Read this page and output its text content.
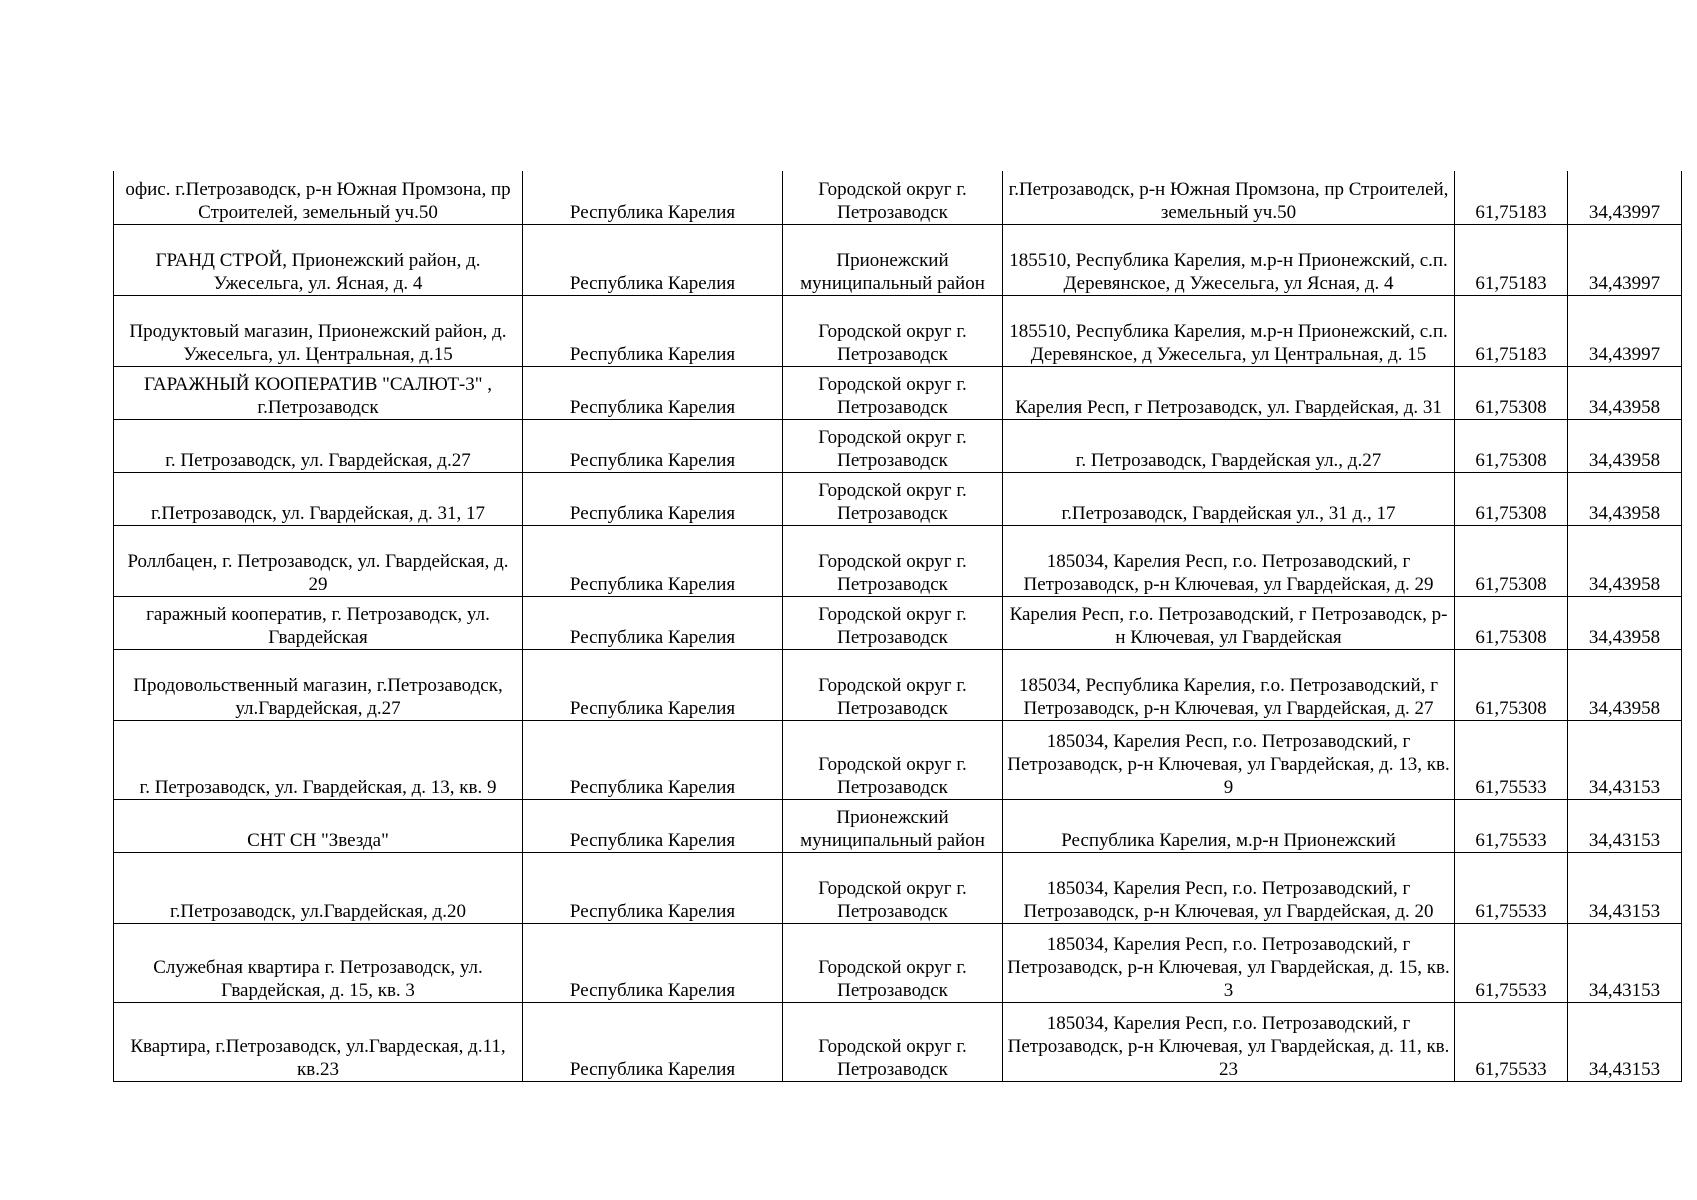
офис. г.Петрозаводск, р-н Южная Промзона, пр Строителей, земельный уч.50	Республика Карелия	Городской округ г. Петрозаводск	г.Петрозаводск, р-н Южная Промзона, пр Строителей, земельный уч.50	61,75183	34,43997
ГРАНД СТРОЙ, Прионежский район, д. Ужесельга, ул. Ясная, д. 4	Республика Карелия	Прионежский муниципальный район	185510, Республика Карелия, м.р-н Прионежский, с.п. Деревянское, д Ужесельга, ул Ясная, д. 4	61,75183	34,43997
Продуктовый магазин, Прионежский район, д. Ужесельга, ул. Центральная, д.15	Республика Карелия	Городской округ г. Петрозаводск	185510, Республика Карелия, м.р-н Прионежский, с.п. Деревянское, д Ужесельга, ул Центральная, д. 15	61,75183	34,43997
ГАРАЖНЫЙ КООПЕРАТИВ "САЛЮТ-3" , г.Петрозаводск	Республика Карелия	Городской округ г. Петрозаводск	Карелия Респ, г Петрозаводск, ул. Гвардейская, д. 31	61,75308	34,43958
г. Петрозаводск, ул. Гвардейская, д.27	Республика Карелия	Городской округ г. Петрозаводск	г. Петрозаводск, Гвардейская ул., д.27	61,75308	34,43958
г.Петрозаводск, ул. Гвардейская, д. 31, 17	Республика Карелия	Городской округ г. Петрозаводск	г.Петрозаводск, Гвардейская ул., 31 д., 17	61,75308	34,43958
Роллбацен, г. Петрозаводск, ул. Гвардейская, д. 29	Республика Карелия	Городской округ г. Петрозаводск	185034, Карелия Респ, г.о. Петрозаводский, г Петрозаводск, р-н Ключевая, ул Гвардейская, д. 29	61,75308	34,43958
гаражный кооператив, г. Петрозаводск, ул. Гвардейская	Республика Карелия	Городской округ г. Петрозаводск	Карелия Респ, г.о. Петрозаводский, г Петрозаводск, р-н Ключевая, ул Гвардейская	61,75308	34,43958
Продовольственный магазин, г.Петрозаводск, ул.Гвардейская, д.27	Республика Карелия	Городской округ г. Петрозаводск	185034, Республика Карелия, г.о. Петрозаводский, г Петрозаводск, р-н Ключевая, ул Гвардейская, д. 27	61,75308	34,43958
г. Петрозаводск, ул. Гвардейская, д. 13, кв. 9	Республика Карелия	Городской округ г. Петрозаводск	185034, Карелия Респ, г.о. Петрозаводский, г Петрозаводск, р-н Ключевая, ул Гвардейская, д. 13, кв. 9	61,75533	34,43153
СНТ СН "Звезда"	Республика Карелия	Прионежский муниципальный район	Республика Карелия, м.р-н Прионежский	61,75533	34,43153
г.Петрозаводск, ул.Гвардейская, д.20	Республика Карелия	Городской округ г. Петрозаводск	185034, Карелия Респ, г.о. Петрозаводский, г Петрозаводск, р-н Ключевая, ул Гвардейская, д. 20	61,75533	34,43153
Служебная квартира г. Петрозаводск, ул. Гвардейская, д. 15, кв. 3	Республика Карелия	Городской округ г. Петрозаводск	185034, Карелия Респ, г.о. Петрозаводский, г Петрозаводск, р-н Ключевая, ул Гвардейская, д. 15, кв. 3	61,75533	34,43153
Квартира, г.Петрозаводск, ул.Гвардеская, д.11, кв.23	Республика Карелия	Городской округ г. Петрозаводск	185034, Карелия Респ, г.о. Петрозаводский, г Петрозаводск, р-н Ключевая, ул Гвардейская, д. 11, кв. 23	61,75533	34,43153
